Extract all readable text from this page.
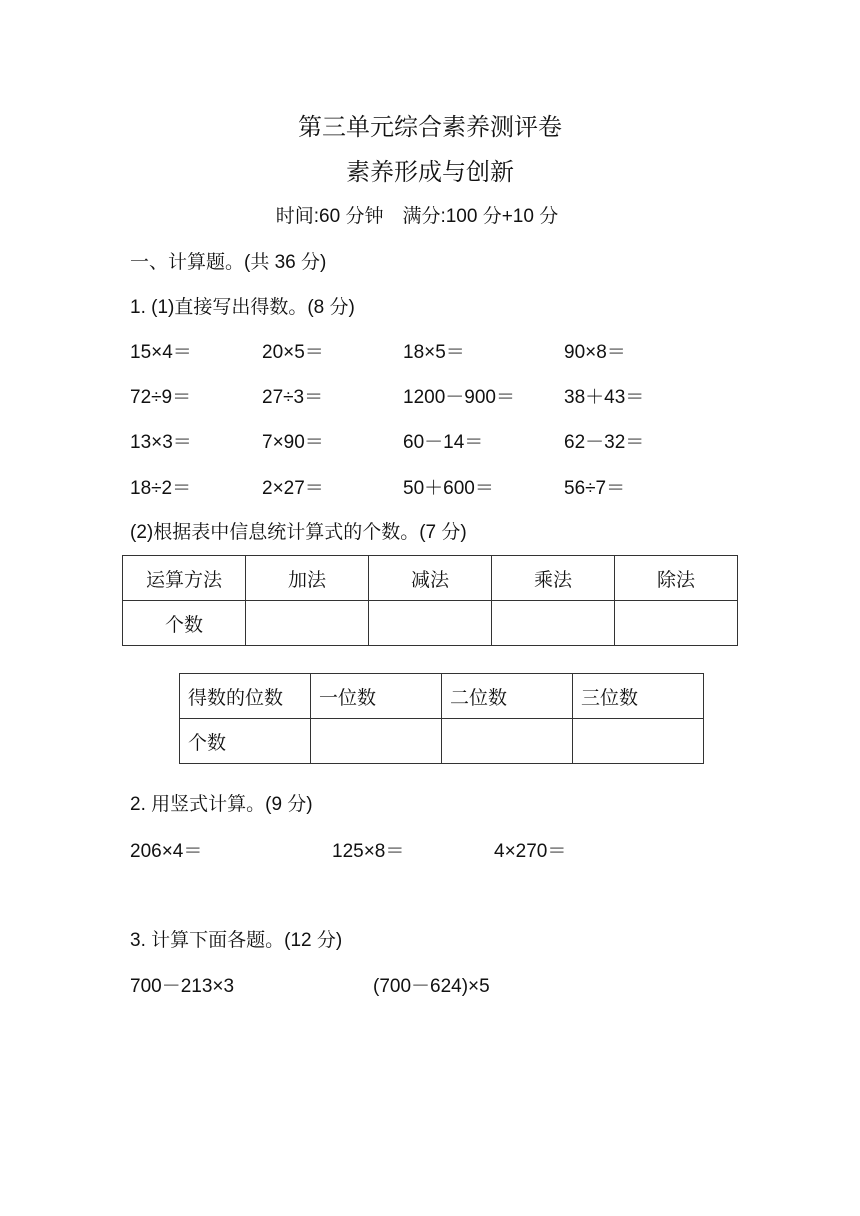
第三单元综合素养测评卷
素养形成与创新
时间:60 分钟　满分:100 分+10 分
一、计算题。(共 36 分)
1. (1)直接写出得数。(8 分)
15×4＝	20×5＝	18×5＝	90×8＝
72÷9＝	27÷3＝	1200－900＝	38＋43＝
13×3＝	7×90＝	60－14＝	62－32＝
18÷2＝	2×27＝	50＋600＝	56÷7＝
(2)根据表中信息统计算式的个数。(7 分)
运算方法	加法	减法	乘法	除法
个数				
得数的位数	一位数	二位数	三位数
个数			
2. 用竖式计算。(9 分)
206×4＝	125×8＝	4×270＝
3. 计算下面各题。(12 分)
700－213×3	(700－624)×5
